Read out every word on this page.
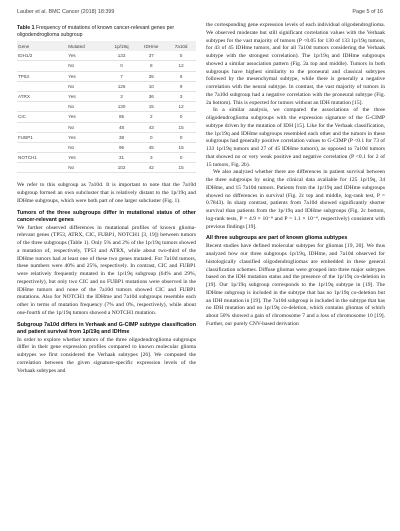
Lauber et al. BMC Cancer (2018) 18:399	Page 5 of 16
Table 1 Frequency of mutations of known cancer-relevant genes per oligodendroglioma subgroup
Gene	Mutated	1p/19q	IDHme	7a10d
IDH1/2	Yes	133	37	5
	No	0	8	12
TP53	Yes	7	35	6
	No	126	10	9
ATRX	Yes	3	36	3
	No	130	15	12
CIC	Yes	85	2	0
	No	48	43	15
FUBP1	Yes	38	0	0
	No	95	45	15
NOTCH1	Yes	31	3	0
	No	102	42	15

We refer to this subgroup as 7a10d. It is important to note that the 7a10d subgroup formed an own subcluster that is relatively distant to the 1p/19q and IDHme subgroups, which were both part of one larger subcluster (Fig. 1).

Tumors of the three subgroups differ in mutational status of other cancer-relevant genes

We further observed differences in mutational profiles of known glioma-relevant genes (TP53, ATRX, CIC, FUBP1, NOTCH1 [3, 19]) between tumors of the three subgroups (Table 1). Only 5% and 2% of the 1p/19q tumors showed a mutation of, respectively, TP53 and ATRX, while about two-third of the IDHme tumors had at least one of these two genes mutated. For 7a10d tumors, these numbers were 40% and 25%, respectively. In contrast, CIC and FUBP1 were relatively frequently mutated in the 1p/19q subgroup (64% and 29%, respectively), but only two CIC and no FUBP1 mutations were observed in the IDHme tumors and none of the 7a10d tumors showed CIC and FUBP1 mutations. Also for NOTCH1 the IDHme and 7a10d subgroups resemble each other in terms of mutation frequency (7% and 0%, respectively), while about one-fourth of the 1p/19q tumors showed a NOTCH1 mutation.

Subgroup 7a10d differs in Verhaak and G-CIMP subtype classification and patient survival from 1p/19q and IDHme

In order to explore whether tumors of the three oligodendroglioma subgroups differ in their gene expression profiles compared to known molecular glioma subtypes we first considered the Verhaak subtypes [26]. We computed the correlation between the given signature-specific expression levels of the Verhaak subtypes and

the corresponding gene expression levels of each individual oligodendroglioma. We observed moderate but still significant correlation values with the Verhaak subtypes for the vast majority of tumors (P <0.05 for 130 of 133 1p/19q tumors, for 43 of 45 IDHme tumors, and for all 7a10d tumors considering the Verhaak subtype with the strongest correlation). The 1p/19q and IDHme subgroups showed a similar association pattern (Fig. 2a top and middle). Tumors in both subgroups have highest similarity to the proneural and classical subtypes followed by the mesenchymal subtype, while there is generally a negative correlation with the neural subtype. In contrast, the vast majority of tumors in the 7a10d subgroup had a negative correlation with the proneural subtype (Fig. 2a bottom). This is expected for tumors without an IDH mutation [15].

In a similar analysis, we compared the associations of the three oligodendroglioma subgroups with the expression signature of the G-CIMP subtype driven by the mutation of IDH [15]. Like for the Verhaak classification, the 1p/19q and IDHme subgroups resembled each other and the tumors in these subgroups had generally positive correlation values to G-CIMP (P <0.1 for 73 of 133 1p/19q tumors and 27 of 45 IDHme tumors), as opposed to 7a10d tumors that showed no or very weak positive and negative correlation (P <0.1 for 2 of 15 tumors, Fig. 2b).

We also analyzed whether there are differences in patient survival between the three subgroups by using the clinical data available for 125 1p/19q, 34 IDHme, and 15 7a10d tumors. Patients from the 1p/19q and IDHme subgroups showed no differences in survival (Fig. 2c top and middle, log-rank test, P = 0.7843). In sharp contrast, patients from 7a10d showed significantly shorter survival than patients from the 1p/19q and IDHme subgroups (Fig. 2c bottom, log-rank tests, P = 4.9 × 10⁻⁸ and P = 1.1 × 10⁻⁴, respectively) consistent with previous findings [19].

All three subgroups are part of known glioma subtypes

Recent studies have defined molecular subtypes for gliomas [19, 20]. We thus analyzed how our three subgroups 1p/19q, IDHme, and 7a10d observed for histologically classified oligodendrogliomas are embedded in these general classification schemes. Diffuse gliomas were grouped into three major subtypes based on the IDH mutation status and the presence of the 1p/19q co-deletion in [19]. Our 1p/19q subgroup corresponds to the 1p/19q subtype in [19]. The IDHme subgroup is included in the subtype that has no 1p/19q co-deletion but an IDH mutation in [19]. The 7a10d subgroup is included in the subtype that has no IDH mutation and no 1p/19q co-deletion, which contains gliomas of which about 50% showed a gain of chromosome 7 and a loss of chromosome 10 [19]. Further, our purely CNV-based derivation
